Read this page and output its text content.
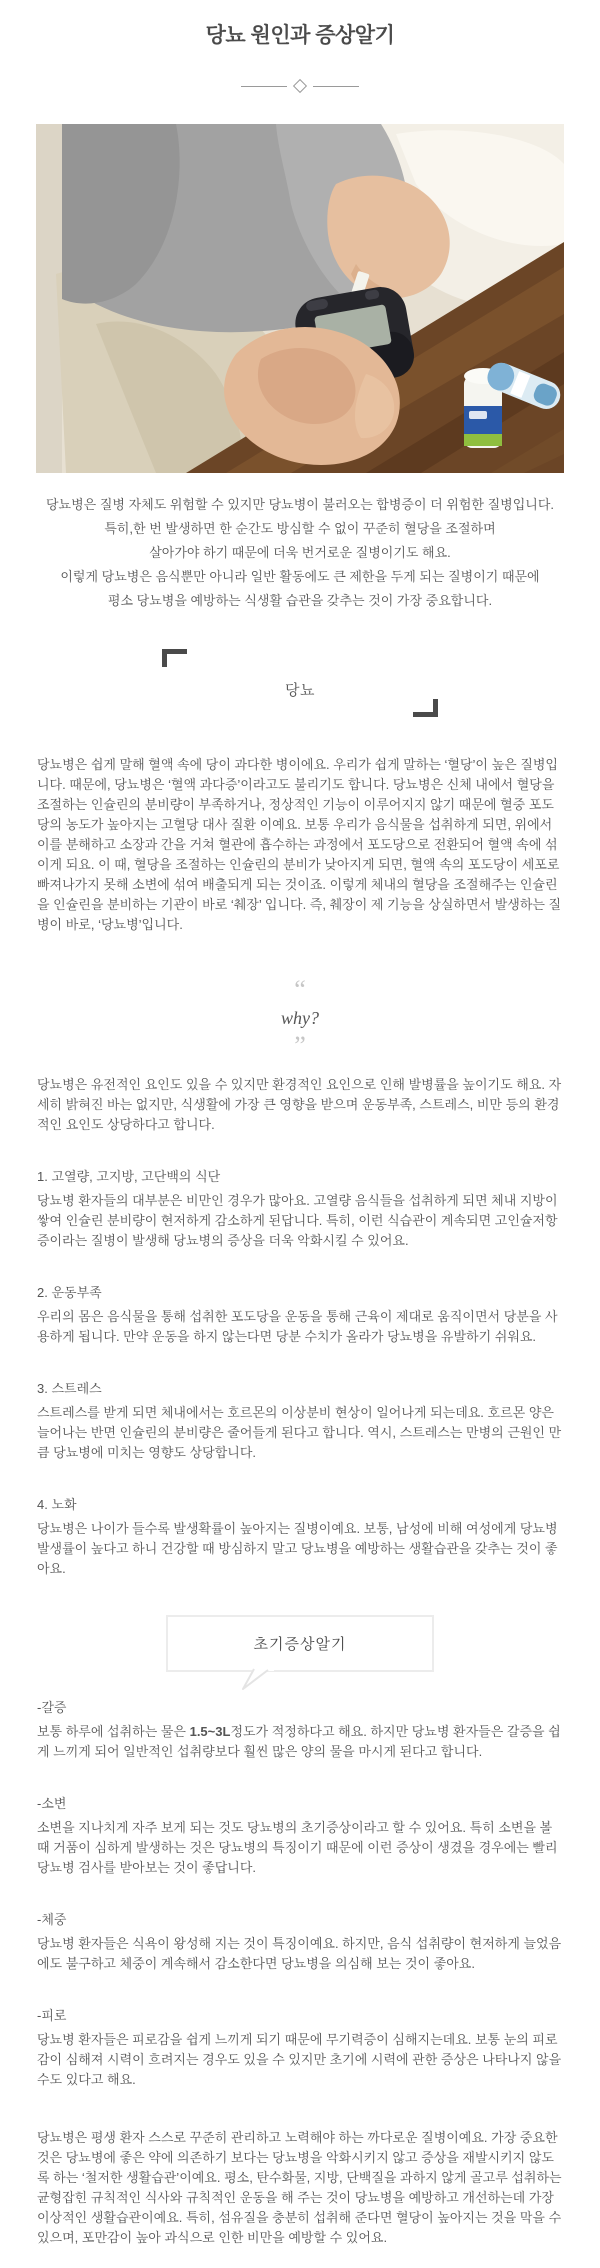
당뇨 원인과 증상알기
당뇨병은 질병 자체도 위험할 수 있지만 당뇨병이 불러오는 합병증이 더 위험한 질병입니다.
특히,한 번 발생하면 한 순간도 방심할 수 없이 꾸준히 혈당을 조절하며
살아가야 하기 때문에 더욱 번거로운 질병이기도 해요.
이렇게 당뇨병은 음식뿐만 아니라 일반 활동에도 큰 제한을 두게 되는 질병이기 때문에
평소 당뇨병을 예방하는 식생활 습관을 갖추는 것이 가장 중요합니다.
당뇨

당뇨병은 쉽게 말해 혈액 속에 당이 과다한 병이에요. 우리가 쉽게 말하는 ‘혈당’이 높은 질병입니다. 때문에, 당뇨병은 ‘혈액 과다증’이라고도 불리기도 합니다. 당뇨병은 신체 내에서 혈당을 조절하는 인슐린의 분비량이 부족하거나, 정상적인 기능이 이루어지지 않기 때문에 혈중 포도당의 농도가 높아지는 고혈당 대사 질환 이예요. 보통 우리가 음식물을 섭취하게 되면, 위에서 이를 분해하고 소장과 간을 거쳐 혈관에 흡수하는 과정에서 포도당으로 전환되어 혈액 속에 섞이게 되요. 이 때, 혈당을 조절하는 인슐린의 분비가 낮아지게 되면, 혈액 속의 포도당이 세포로 빠져나가지 못해 소변에 섞여 배출되게 되는 것이죠. 이렇게 체내의 혈당을 조절해주는 인슐린을 인슐린을 분비하는 기관이 바로 ‘췌장’ 입니다. 즉, 췌장이 제 기능을 상실하면서 발생하는 질병이 바로, ‘당뇨병’입니다.

“
why?
”

당뇨병은 유전적인 요인도 있을 수 있지만 환경적인 요인으로 인해 발병률을 높이기도 해요. 자세히 밝혀진 바는 없지만, 식생활에 가장 큰 영향을 받으며 운동부족, 스트레스, 비만 등의 환경적인 요인도 상당하다고 합니다.

1. 고열량, 고지방, 고단백의 식단

당뇨병 환자들의 대부분은 비만인 경우가 많아요. 고열량 음식들을 섭취하게 되면 체내 지방이 쌓여 인슐린 분비량이 현저하게 감소하게 된답니다. 특히, 이런 식습관이 계속되면 고인슐저항증이라는 질병이 발생해 당뇨병의 증상을 더욱 악화시킬 수 있어요.

2. 운동부족

우리의 몸은 음식물을 통해 섭취한 포도당을 운동을 통해 근육이 제대로 움직이면서 당분을 사용하게 됩니다. 만약 운동을 하지 않는다면 당분 수치가 올라가 당뇨병을 유발하기 쉬워요.

3. 스트레스

스트레스를 받게 되면 체내에서는 호르몬의 이상분비 현상이 일어나게 되는데요. 호르몬 양은 늘어나는 반면 인슐린의 분비량은 줄어들게 된다고 합니다. 역시, 스트레스는 만병의 근원인 만큼 당뇨병에 미치는 영향도 상당합니다.

4. 노화

당뇨병은 나이가 들수록 발생확률이 높아지는 질병이예요. 보통, 남성에 비해 여성에게 당뇨병 발생률이 높다고 하니 건강할 때 방심하지 말고 당뇨병을 예방하는 생활습관을 갖추는 것이 좋아요.

초기증상알기
-갈증

보통 하루에 섭취하는 물은 1.5~3L정도가 적정하다고 해요. 하지만 당뇨병 환자들은 갈증을 쉽게 느끼게 되어 일반적인 섭취량보다 훨씬 많은 양의 물을 마시게 된다고 합니다.

-소변

소변을 지나치게 자주 보게 되는 것도 당뇨병의 초기증상이라고 할 수 있어요. 특히 소변을 볼 때 거품이 심하게 발생하는 것은 당뇨병의 특징이기 때문에 이런 증상이 생겼을 경우에는 빨리 당뇨병 검사를 받아보는 것이 좋답니다.

-체중

당뇨병 환자들은 식욕이 왕성해 지는 것이 특징이예요. 하지만, 음식 섭취량이 현저하게 늘었음에도 불구하고 체중이 계속해서 감소한다면 당뇨병을 의심해 보는 것이 좋아요.

-피로

당뇨병 환자들은 피로감을 쉽게 느끼게 되기 때문에 무기력증이 심해지는데요. 보통 눈의 피로감이 심해져 시력이 흐려지는 경우도 있을 수 있지만 초기에 시력에 관한 증상은 나타나지 않을 수도 있다고 해요.

당뇨병은 평생 환자 스스로 꾸준히 관리하고 노력해야 하는 까다로운 질병이예요. 가장 중요한 것은 당뇨병에 좋은 약에 의존하기 보다는 당뇨병을 악화시키지 않고 증상을 재발시키지 않도록 하는 ‘철저한 생활습관’이예요. 평소, 탄수화물, 지방, 단백질을 과하지 않게 골고루 섭취하는 균형잡힌 규칙적인 식사와 규칙적인 운동을 해 주는 것이 당뇨병을 예방하고 개선하는데 가장 이상적인 생활습관이예요. 특히, 섬유질을 충분히 섭취해 준다면 혈당이 높아지는 것을 막을 수 있으며, 포만감이 높아 과식으로 인한 비만을 예방할 수 있어요.
